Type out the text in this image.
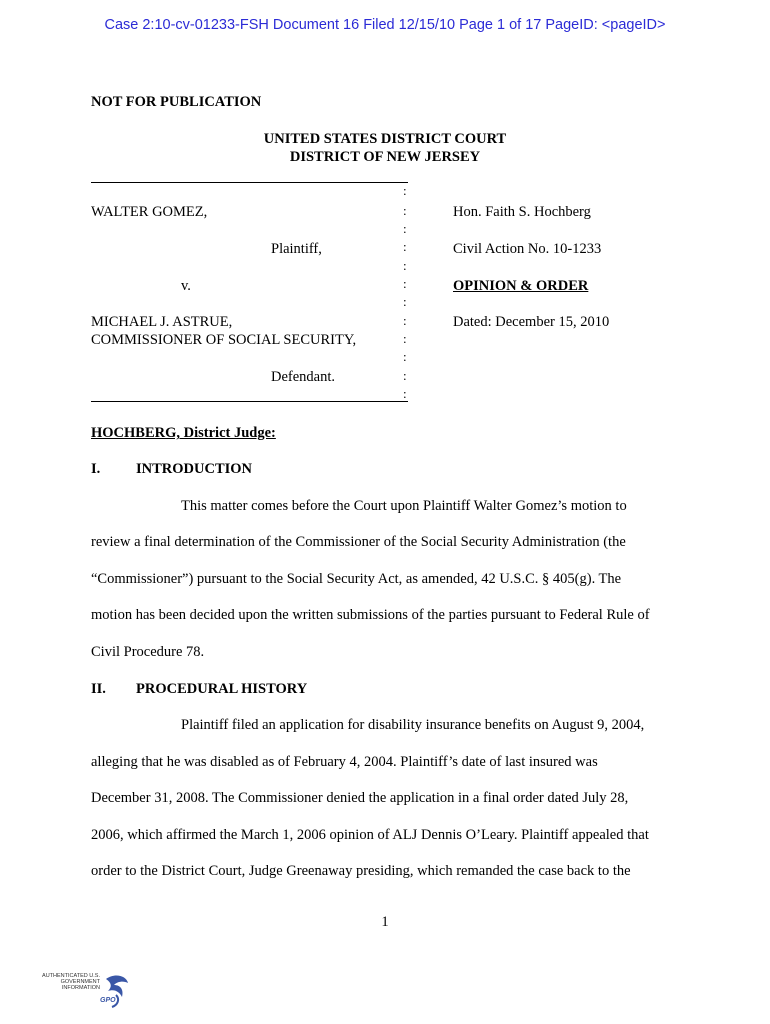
Case 2:10-cv-01233-FSH Document 16 Filed 12/15/10 Page 1 of 17 PageID: <pageID>
NOT FOR PUBLICATION
UNITED STATES DISTRICT COURT
DISTRICT OF NEW JERSEY
:
:
:
:
:
:
:
:
:
:
:
:
WALTER GOMEZ,
Plaintiff,
v.
MICHAEL J. ASTRUE,
COMMISSIONER OF SOCIAL SECURITY,
Defendant.
Hon. Faith S. Hochberg
Civil Action No. 10-1233
OPINION & ORDER
Dated: December 15, 2010
HOCHBERG, District Judge:
I. INTRODUCTION
This matter comes before the Court upon Plaintiff Walter Gomez’s motion to
review a final determination of the Commissioner of the Social Security Administration (the
“Commissioner”) pursuant to the Social Security Act, as amended, 42 U.S.C. § 405(g). The
motion has been decided upon the written submissions of the parties pursuant to Federal Rule of
Civil Procedure 78.
II. PROCEDURAL HISTORY
Plaintiff filed an application for disability insurance benefits on August 9, 2004,
alleging that he was disabled as of February 4, 2004. Plaintiff’s date of last insured was
December 31, 2008. The Commissioner denied the application in a final order dated July 28,
2006, which affirmed the March 1, 2006 opinion of ALJ Dennis O’Leary. Plaintiff appealed that
order to the District Court, Judge Greenaway presiding, which remanded the case back to the
1
AUTHENTICATED U.S. GOVERNMENT INFORMATION
GPO
